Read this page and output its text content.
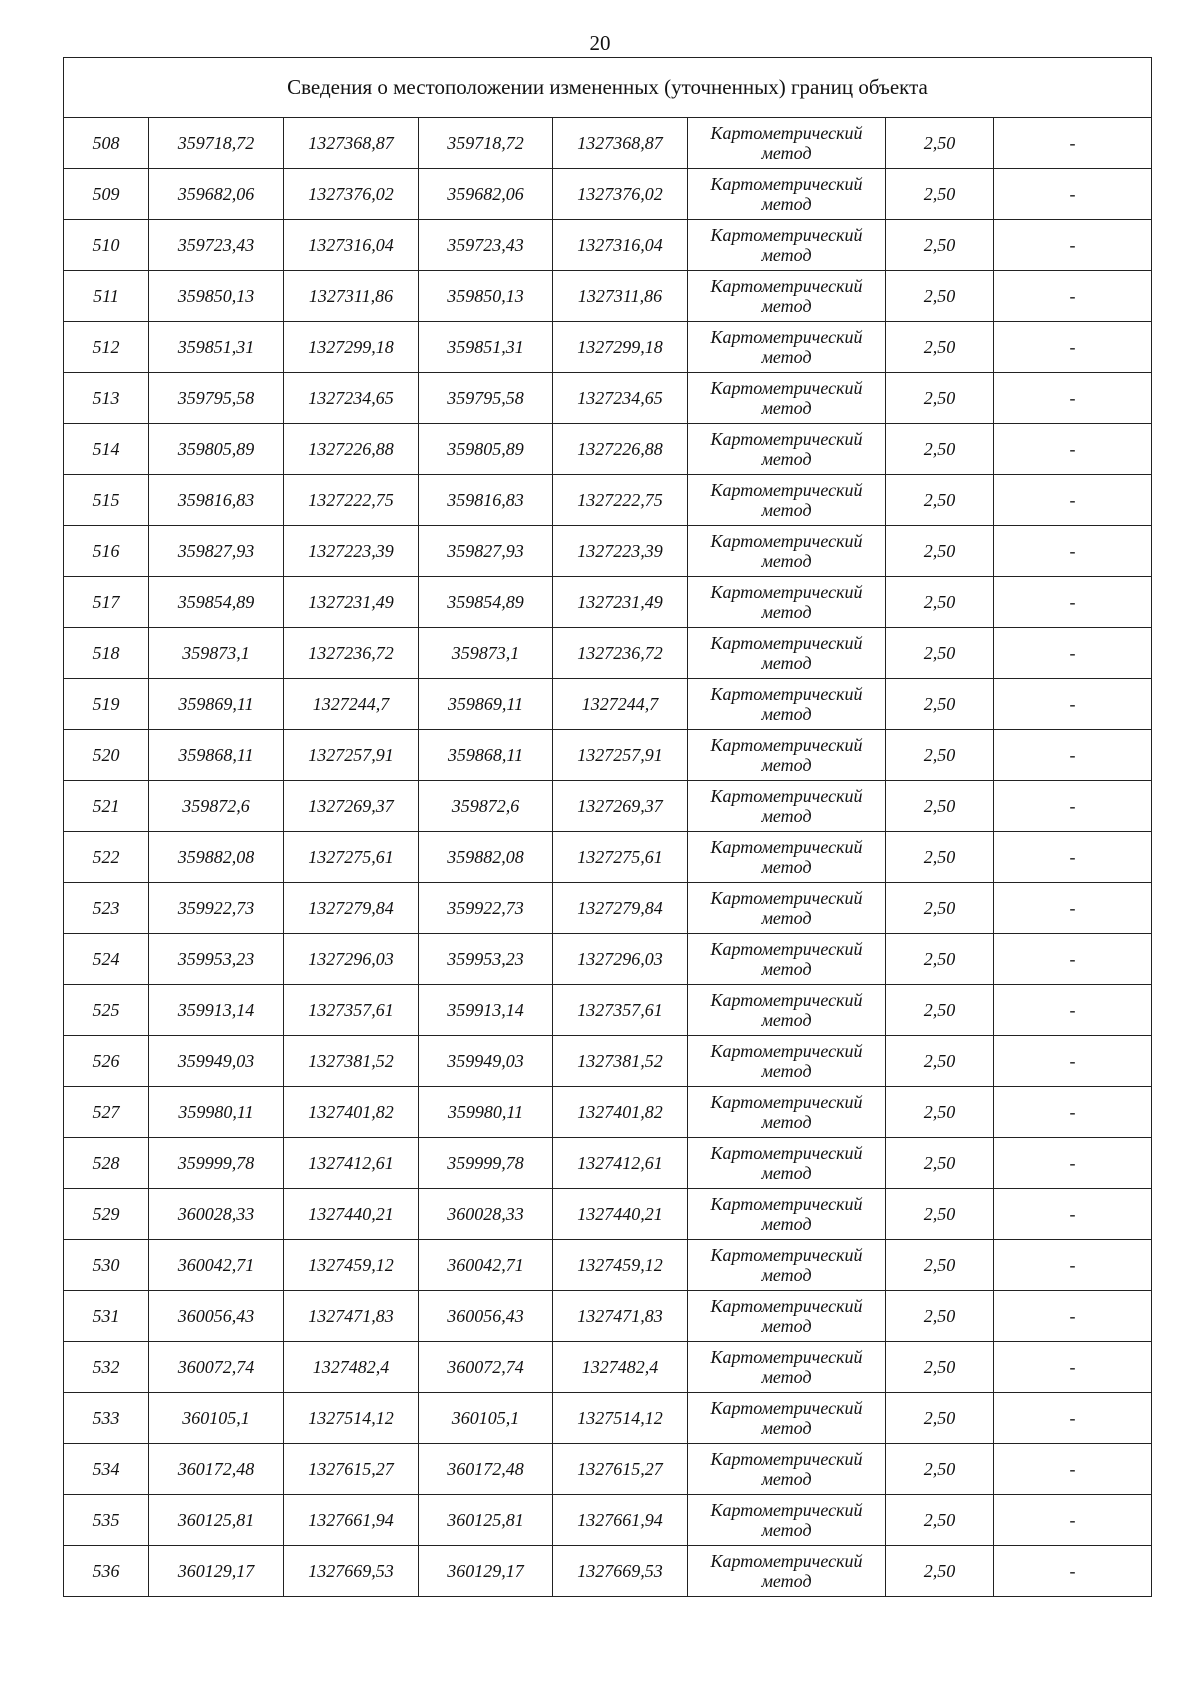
20
Сведения о местоположении измененных (уточненных) границ объекта							
508	359718,72	1327368,87	359718,72	1327368,87	Картометрический
метод	2,50	-
509	359682,06	1327376,02	359682,06	1327376,02	Картометрический
метод	2,50	-
510	359723,43	1327316,04	359723,43	1327316,04	Картометрический
метод	2,50	-
511	359850,13	1327311,86	359850,13	1327311,86	Картометрический
метод	2,50	-
512	359851,31	1327299,18	359851,31	1327299,18	Картометрический
метод	2,50	-
513	359795,58	1327234,65	359795,58	1327234,65	Картометрический
метод	2,50	-
514	359805,89	1327226,88	359805,89	1327226,88	Картометрический
метод	2,50	-
515	359816,83	1327222,75	359816,83	1327222,75	Картометрический
метод	2,50	-
516	359827,93	1327223,39	359827,93	1327223,39	Картометрический
метод	2,50	-
517	359854,89	1327231,49	359854,89	1327231,49	Картометрический
метод	2,50	-
518	359873,1	1327236,72	359873,1	1327236,72	Картометрический
метод	2,50	-
519	359869,11	1327244,7	359869,11	1327244,7	Картометрический
метод	2,50	-
520	359868,11	1327257,91	359868,11	1327257,91	Картометрический
метод	2,50	-
521	359872,6	1327269,37	359872,6	1327269,37	Картометрический
метод	2,50	-
522	359882,08	1327275,61	359882,08	1327275,61	Картометрический
метод	2,50	-
523	359922,73	1327279,84	359922,73	1327279,84	Картометрический
метод	2,50	-
524	359953,23	1327296,03	359953,23	1327296,03	Картометрический
метод	2,50	-
525	359913,14	1327357,61	359913,14	1327357,61	Картометрический
метод	2,50	-
526	359949,03	1327381,52	359949,03	1327381,52	Картометрический
метод	2,50	-
527	359980,11	1327401,82	359980,11	1327401,82	Картометрический
метод	2,50	-
528	359999,78	1327412,61	359999,78	1327412,61	Картометрический
метод	2,50	-
529	360028,33	1327440,21	360028,33	1327440,21	Картометрический
метод	2,50	-
530	360042,71	1327459,12	360042,71	1327459,12	Картометрический
метод	2,50	-
531	360056,43	1327471,83	360056,43	1327471,83	Картометрический
метод	2,50	-
532	360072,74	1327482,4	360072,74	1327482,4	Картометрический
метод	2,50	-
533	360105,1	1327514,12	360105,1	1327514,12	Картометрический
метод	2,50	-
534	360172,48	1327615,27	360172,48	1327615,27	Картометрический
метод	2,50	-
535	360125,81	1327661,94	360125,81	1327661,94	Картометрический
метод	2,50	-
536	360129,17	1327669,53	360129,17	1327669,53	Картометрический
метод	2,50	-
